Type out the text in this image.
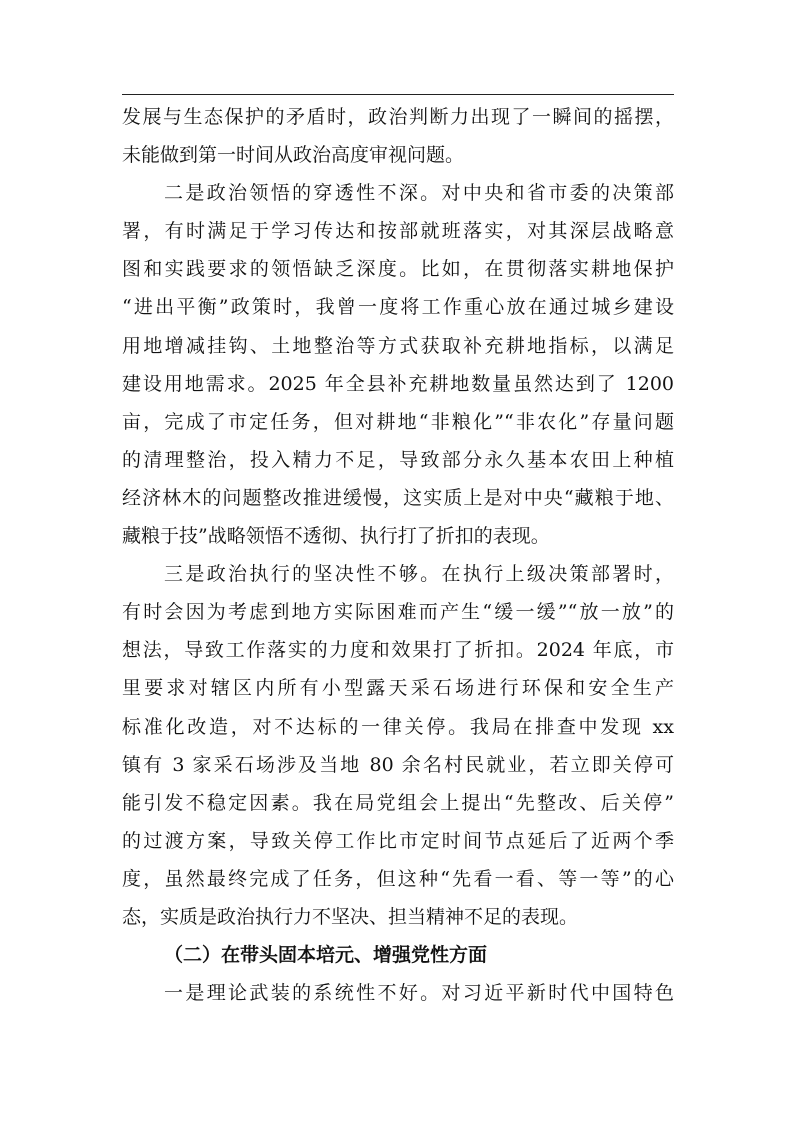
发展与生态保护的矛盾时，政治判断力出现了一瞬间的摇摆，
未能做到第一时间从政治高度审视问题。
二是政治领悟的穿透性不深。对中央和省市委的决策部
署，有时满足于学习传达和按部就班落实，对其深层战略意
图和实践要求的领悟缺乏深度。比如，在贯彻落实耕地保护
“进出平衡”政策时，我曾一度将工作重心放在通过城乡建设
用地增减挂钩、土地整治等方式获取补充耕地指标，以满足
建设用地需求。2025 年全县补充耕地数量虽然达到了 1200
亩，完成了市定任务，但对耕地“非粮化”“非农化”存量问题
的清理整治，投入精力不足，导致部分永久基本农田上种植
经济林木的问题整改推进缓慢，这实质上是对中央“藏粮于地、
藏粮于技”战略领悟不透彻、执行打了折扣的表现。
三是政治执行的坚决性不够。在执行上级决策部署时，
有时会因为考虑到地方实际困难而产生“缓一缓”“放一放”的
想法，导致工作落实的力度和效果打了折扣。2024 年底，市
里要求对辖区内所有小型露天采石场进行环保和安全生产
标准化改造，对不达标的一律关停。我局在排查中发现 xx
镇有 3 家采石场涉及当地 80 余名村民就业，若立即关停可
能引发不稳定因素。我在局党组会上提出“先整改、后关停”
的过渡方案，导致关停工作比市定时间节点延后了近两个季
度，虽然最终完成了任务，但这种“先看一看、等一等”的心
态，实质是政治执行力不坚决、担当精神不足的表现。
（二）在带头固本培元、增强党性方面
一是理论武装的系统性不好。对习近平新时代中国特色
